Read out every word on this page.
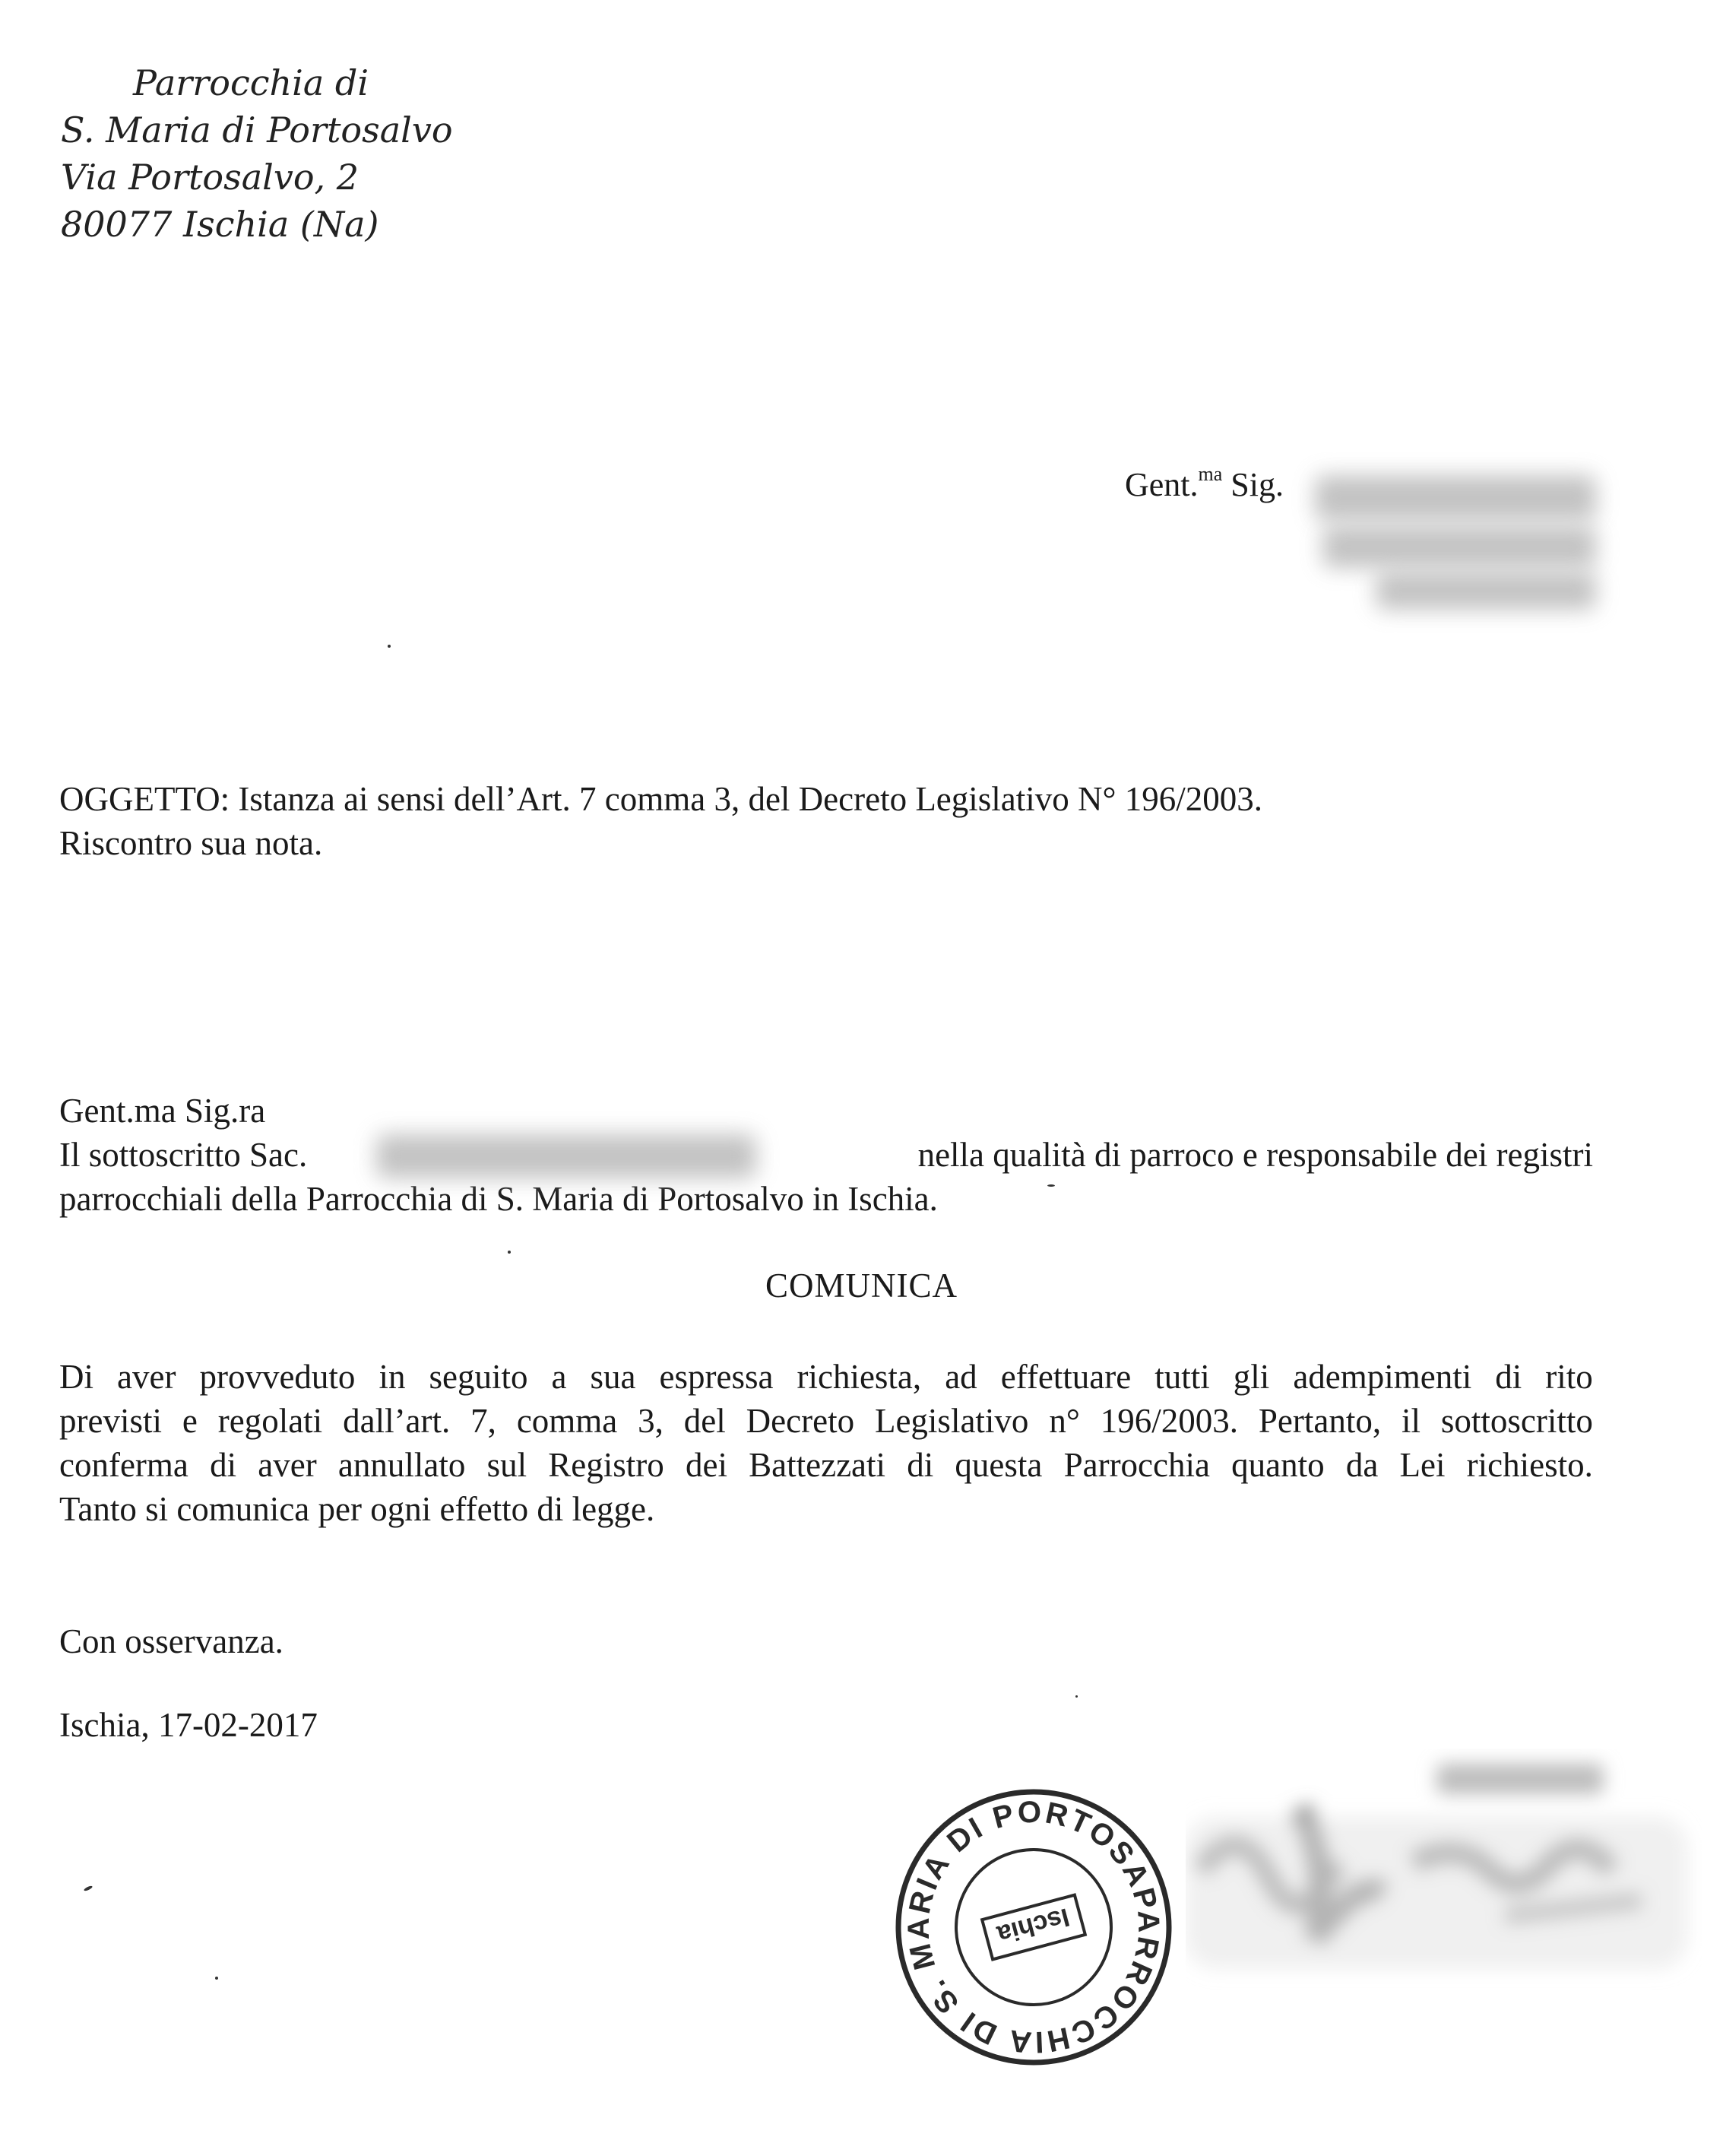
Parrocchia di
S. Maria di Portosalvo
Via Portosalvo, 2
80077 Ischia (Na)
Gent.$^{ma}$ Sig.
OGGETTO: Istanza ai sensi dell’Art. 7 comma 3, del Decreto Legislativo N° 196/2003.
Riscontro sua nota.
Gent.ma Sig.ra
Il sottoscritto Sac.	nella qualità di parroco e responsabile dei registri
parrocchiali della Parrocchia di S. Maria di Portosalvo in Ischia.
COMUNICA
Di aver provveduto in seguito a sua espressa richiesta, ad effettuare tutti gli adempimenti di rito
previsti e regolati dall’art. 7, comma 3, del Decreto Legislativo n° 196/2003. Pertanto, il sottoscritto
conferma di aver annullato sul Registro dei Battezzati di questa Parrocchia quanto da Lei richiesto.
Tanto si comunica per ogni effetto di legge.
Con osservanza.
Ischia, 17-02-2017
PARROCCHIA DI S. MARIA DI PORTOSALVO
Ischia
